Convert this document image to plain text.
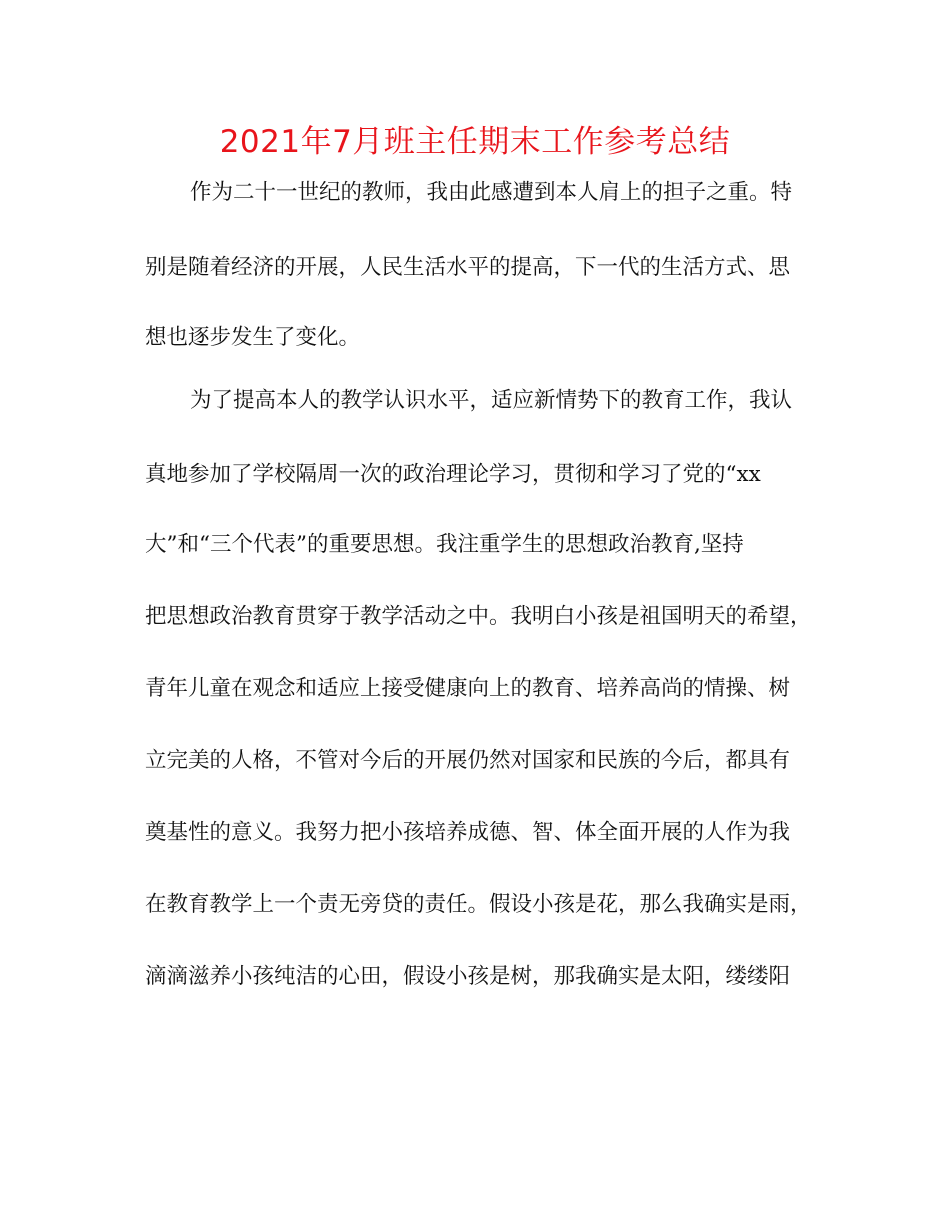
2021年7月班主任期末工作参考总结
作为二十一世纪的教师，我由此感遭到本人肩上的担子之重。特
别是随着经济的开展，人民生活水平的提高，下一代的生活方式、思
想也逐步发生了变化。
为了提高本人的教学认识水平，适应新情势下的教育工作，我认
真地参加了学校隔周一次的政治理论学习，贯彻和学习了党的“xx
大”和“三个代表”的重要思想。我注重学生的思想政治教育,坚持
把思想政治教育贯穿于教学活动之中。我明白小孩是祖国明天的希望，
青年儿童在观念和适应上接受健康向上的教育、培养高尚的情操、树
立完美的人格，不管对今后的开展仍然对国家和民族的今后，都具有
奠基性的意义。我努力把小孩培养成德、智、体全面开展的人作为我
在教育教学上一个责无旁贷的责任。假设小孩是花，那么我确实是雨，
滴滴滋养小孩纯洁的心田，假设小孩是树，那我确实是太阳，缕缕阳
